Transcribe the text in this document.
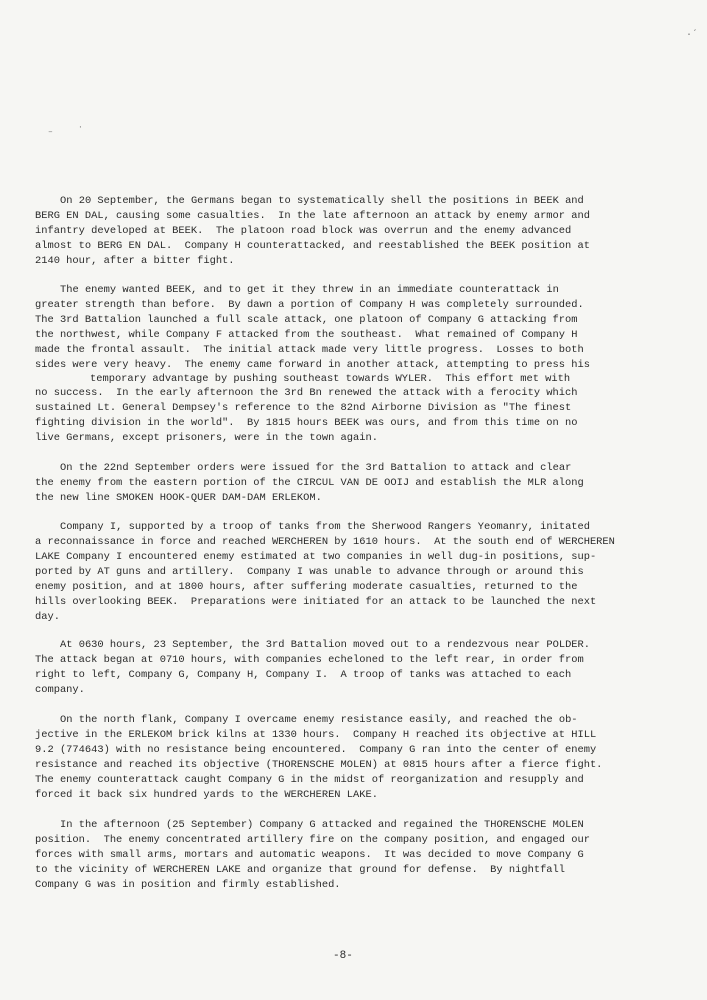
·ˊ
–
·

On 20 September, the Germans began to systematically shell the positions in BEEK and

BERG EN DAL, causing some casualties.  In the late afternoon an attack by enemy armor and

infantry developed at BEEK.  The platoon road block was overrun and the enemy advanced

almost to BERG EN DAL.  Company H counterattacked, and reestablished the BEEK position at

2140 hour, after a bitter fight.

The enemy wanted BEEK, and to get it they threw in an immediate counterattack in

greater strength than before.  By dawn a portion of Company H was completely surrounded.

The 3rd Battalion launched a full scale attack, one platoon of Company G attacking from

the northwest, while Company F attacked from the southeast.  What remained of Company H

made the frontal assault.  The initial attack made very little progress.  Losses to both

sides were very heavy.  The enemy came forward in another attack, attempting to press his

temporary advantage by pushing southeast towards WYLER.  This effort met with

no success.  In the early afternoon the 3rd Bn renewed the attack with a ferocity which

sustained Lt. General Dempsey's reference to the 82nd Airborne Division as "The finest

fighting division in the world".  By 1815 hours BEEK was ours, and from this time on no

live Germans, except prisoners, were in the town again.

On the 22nd September orders were issued for the 3rd Battalion to attack and clear

the enemy from the eastern portion of the CIRCUL VAN DE OOIJ and establish the MLR along

the new line SMOKEN HOOK-QUER DAM-DAM ERLEKOM.

Company I, supported by a troop of tanks from the Sherwood Rangers Yeomanry, initated

a reconnaissance in force and reached WERCHEREN by 1610 hours.  At the south end of WERCHEREN

LAKE Company I encountered enemy estimated at two companies in well dug-in positions, sup-

ported by AT guns and artillery.  Company I was unable to advance through or around this

enemy position, and at 1800 hours, after suffering moderate casualties, returned to the

hills overlooking BEEK.  Preparations were initiated for an attack to be launched the next

day.

At 0630 hours, 23 September, the 3rd Battalion moved out to a rendezvous near POLDER.

The attack began at 0710 hours, with companies echeloned to the left rear, in order from

right to left, Company G, Company H, Company I.  A troop of tanks was attached to each

company.

On the north flank, Company I overcame enemy resistance easily, and reached the ob-

jective in the ERLEKOM brick kilns at 1330 hours.  Company H reached its objective at HILL

9.2 (774643) with no resistance being encountered.  Company G ran into the center of enemy

resistance and reached its objective (THORENSCHE MOLEN) at 0815 hours after a fierce fight.

The enemy counterattack caught Company G in the midst of reorganization and resupply and

forced it back six hundred yards to the WERCHEREN LAKE.

In the afternoon (25 September) Company G attacked and regained the THORENSCHE MOLEN

position.  The enemy concentrated artillery fire on the company position, and engaged our

forces with small arms, mortars and automatic weapons.  It was decided to move Company G

to the vicinity of WERCHEREN LAKE and organize that ground for defense.  By nightfall

Company G was in position and firmly established.

-8-
